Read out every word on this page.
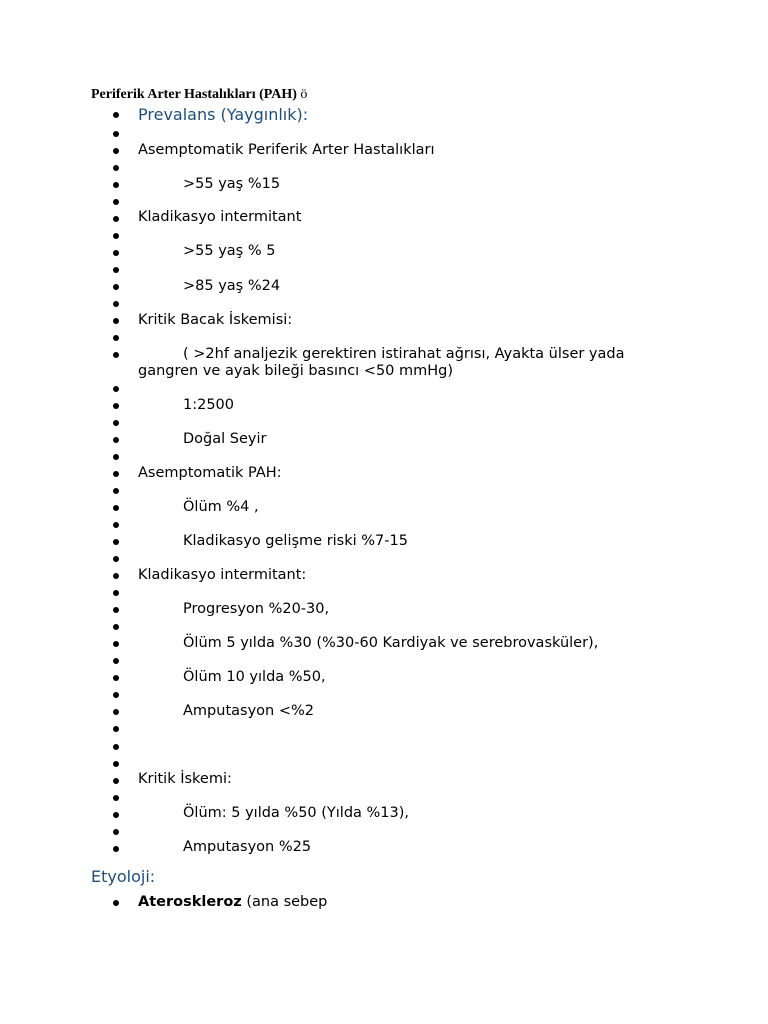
Periferik Arter Hastalıkları (PAH) ö
Prevalans (Yaygınlık):
Asemptomatik Periferik Arter Hastalıkları
>55 yaş %15
Kladikasyo intermitant
>55 yaş % 5
>85 yaş %24
Kritik Bacak İskemisi:
( >2hf analjezik gerektiren istirahat ağrısı, Ayakta ülser yada gangren ve ayak bileği basıncı <50 mmHg)
1:2500
Doğal Seyir
Asemptomatik PAH:
Ölüm %4 ,
Kladikasyo gelişme riski %7-15
Kladikasyo intermitant:
Progresyon %20-30,
Ölüm 5 yılda %30 (%30-60 Kardiyak ve serebrovasküler),
Ölüm 10 yılda %50,
Amputasyon <%2
Kritik İskemi:
Ölüm: 5 yılda %50 (Yılda %13),
Amputasyon %25
Etyoloji:
Ateroskleroz (ana sebep
